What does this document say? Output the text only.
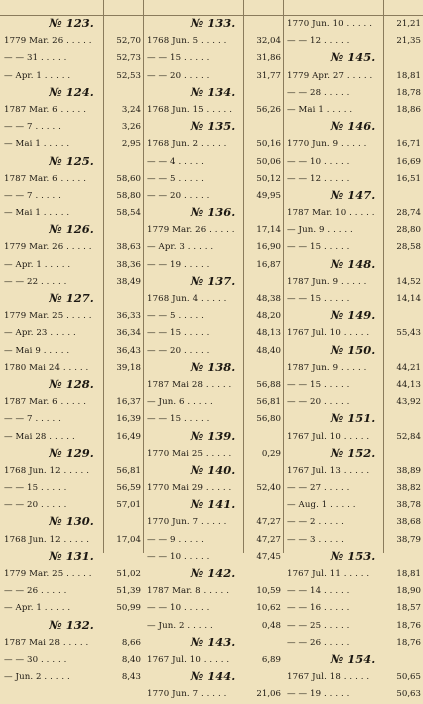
№ 123.
1779 Mar. 26 . . . . .	52,70
— — 31 . . . . .	52,73
— Apr. 1 . . . . .	52,53
№ 124.
1787 Mar. 6 . . . . .	3,24
— — 7 . . . . .	3,26
— Mai 1 . . . . .	2,95
№ 125.
1787 Mar. 6 . . . . .	58,60
— — 7 . . . . .	58,80
— Mai 1 . . . . .	58,54
№ 126.
1779 Mar. 26 . . . . .	38,63
— Apr. 1 . . . . .	38,36
— — 22 . . . . .	38,49
№ 127.
1779 Mar. 25 . . . . .	36,33
— Apr. 23 . . . . .	36,34
— Mai 9 . . . . .	36,43
1780 Mai 24 . . . . .	39,18
№ 128.
1787 Mar. 6 . . . . .	16,37
— — 7 . . . . .	16,39
— Mai 28 . . . . .	16,49
№ 129.
1768 Jun. 12 . . . . .	56,81
— — 15 . . . . .	56,59
— — 20 . . . . .	57,01
№ 130.
1768 Jun. 12 . . . . .	17,04
№ 131.
1779 Mar. 25 . . . . .	51,02
— — 26 . . . . .	51,39
— Apr. 1 . . . . .	50,99
№ 132.
1787 Mai 28 . . . . .	8,66
— — 30 . . . . .	8,40
— Jun. 2 . . . . .	8,43
№ 133.
1768 Jun. 5 . . . . .	32,04
— — 15 . . . . .	31,86
— — 20 . . . . .	31,77
№ 134.
1768 Jun. 15 . . . . .	56,26
№ 135.
1768 Jun. 2 . . . . .	50,16
— — 4 . . . . .	50,06
— — 5 . . . . .	50,12
— — 20 . . . . .	49,95
№ 136.
1779 Mar. 26 . . . . .	17,14
— Apr. 3 . . . . .	16,90
— — 19 . . . . .	16,87
№ 137.
1768 Jun. 4 . . . . .	48,38
— — 5 . . . . .	48,20
— — 15 . . . . .	48,13
— — 20 . . . . .	48,40
№ 138.
1787 Mai 28 . . . . .	56,88
— Jun. 6 . . . . .	56,81
— — 15 . . . . .	56,80
№ 139.
1770 Mai 25 . . . . .	0,29
№ 140.
1770 Mai 29 . . . . .	52,40
№ 141.
1770 Jun. 7 . . . . .	47,27
— — 9 . . . . .	47,27
— — 10 . . . . .	47,45
№ 142.
1787 Mar. 8 . . . . .	10,59
— — 10 . . . . .	10,62
— Jun. 2 . . . . .	0,48
№ 143.
1767 Jul. 10 . . . . .	6,89
№ 144.
1770 Jun. 7 . . . . .	21,06
1770 Jun. 10 . . . . .	21,21
— — 12 . . . . .	21,35
№ 145.
1779 Apr. 27 . . . . .	18,81
— — 28 . . . . .	18,78
— Mai 1 . . . . .	18,86
№ 146.
1770 Jun. 9 . . . . .	16,71
— — 10 . . . . .	16,69
— — 12 . . . . .	16,51
№ 147.
1787 Mar. 10 . . . . .	28,74
— Jun. 9 . . . . .	28,80
— — 15 . . . . .	28,58
№ 148.
1787 Jun. 9 . . . . .	14,52
— — 15 . . . . .	14,14
№ 149.
1767 Jul. 10 . . . . .	55,43
№ 150.
1787 Jun. 9 . . . . .	44,21
— — 15 . . . . .	44,13
— — 20 . . . . .	43,92
№ 151.
1767 Jul. 10 . . . . .	52,84
№ 152.
1767 Jul. 13 . . . . .	38,89
— — 27 . . . . .	38,82
— Aug. 1 . . . . .	38,78
— — 2 . . . . .	38,68
— — 3 . . . . .	38,79
№ 153.
1767 Jul. 11 . . . . .	18,81
— — 14 . . . . .	18,90
— — 16 . . . . .	18,57
— — 25 . . . . .	18,76
— — 26 . . . . .	18,76
№ 154.
1767 Jul. 18 . . . . .	50,65
— — 19 . . . . .	50,63
